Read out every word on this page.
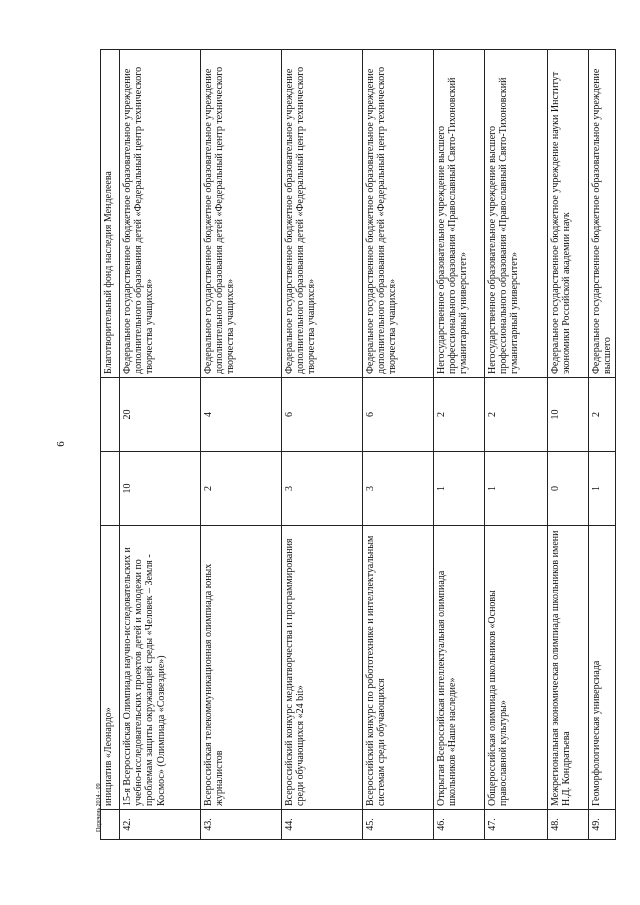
6
Перечень 2014 - 09
	инициатив «Леонардо»			Благотворительный фонд наследия Менделеева
42.	15-я Всероссийская Олимпиада научно-исследовательских и учебно-исследовательских проектов детей и молодежи по проблемам защиты окружающей среды «Человек – Земля - Космос» (Олимпиада «Созвездие»)	10	20	Федеральное государственное бюджетное образовательное учреждение дополнительного образования детей «Федеральный центр технического творчества учащихся»
43.	Всероссийская телекоммуникационная олимпиада юных журналистов	2	4	Федеральное государственное бюджетное образовательное учреждение дополнительного образования детей «Федеральный центр технического творчества учащихся»
44.	Всероссийский конкурс медиатворчества и программирования среди обучающихся «24 bit»	3	6	Федеральное государственное бюджетное образовательное учреждение дополнительного образования детей «Федеральный центр технического творчества учащихся»
45.	Всероссийский конкурс по робототехнике и интеллектуальным системам среди обучающихся	3	6	Федеральное государственное бюджетное образовательное учреждение дополнительного образования детей «Федеральный центр технического творчества учащихся»
46.	Открытая Всероссийская интеллектуальная олимпиада школьников «Наше наследие»	1	2	Негосударственное образовательное учреждение высшего профессионального образования «Православный Свято-Тихоновский гуманитарный университет»
47.	Общероссийская олимпиада школьников «Основы православной культуры»	1	2	Негосударственное образовательное учреждение высшего профессионального образования «Православный Свято-Тихоновский гуманитарный университет»
48.	Межрегиональная экономическая олимпиада школьников имени Н.Д. Кондратьева	0	10	Федеральное государственное бюджетное учреждение науки Институт экономики Российской академии наук
49.	Геоморфологическая универсиада	1	2	Федеральное государственное бюджетное образовательное учреждение высшего
